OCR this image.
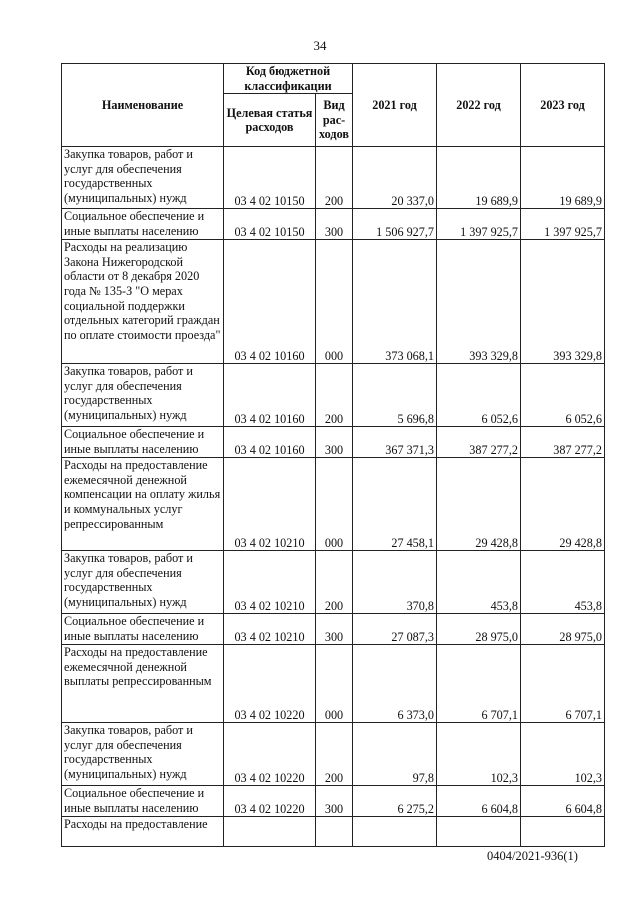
34
Наименование	Код бюджетной классификации		2021 год	2022 год	2023 год
	Целевая статья расходов	Вид рас-ходов			
Закупка товаров, работ и услуг для обеспечения государственных (муниципальных) нужд	03 4 02 10150	200	20 337,0	19 689,9	19 689,9
Социальное обеспечение и иные выплаты населению	03 4 02 10150	300	1 506 927,7	1 397 925,7	1 397 925,7
Расходы на реализацию Закона Нижегородской области от 8 декабря 2020 года № 135-З "О мерах социальной поддержки отдельных категорий граждан по оплате стоимости проезда"	03 4 02 10160	000	373 068,1	393 329,8	393 329,8
Закупка товаров, работ и услуг для обеспечения государственных (муниципальных) нужд	03 4 02 10160	200	5 696,8	6 052,6	6 052,6
Социальное обеспечение и иные выплаты населению	03 4 02 10160	300	367 371,3	387 277,2	387 277,2
Расходы на предоставление ежемесячной денежной компенсации на оплату жилья и коммунальных услуг репрессированным	03 4 02 10210	000	27 458,1	29 428,8	29 428,8
Закупка товаров, работ и услуг для обеспечения государственных (муниципальных) нужд	03 4 02 10210	200	370,8	453,8	453,8
Социальное обеспечение и иные выплаты населению	03 4 02 10210	300	27 087,3	28 975,0	28 975,0
Расходы на предоставление ежемесячной денежной выплаты репрессированным	03 4 02 10220	000	6 373,0	6 707,1	6 707,1
Закупка товаров, работ и услуг для обеспечения государственных (муниципальных) нужд	03 4 02 10220	200	97,8	102,3	102,3
Социальное обеспечение и иные выплаты населению	03 4 02 10220	300	6 275,2	6 604,8	6 604,8
Расходы на предоставление					
0404/2021-936(1)
